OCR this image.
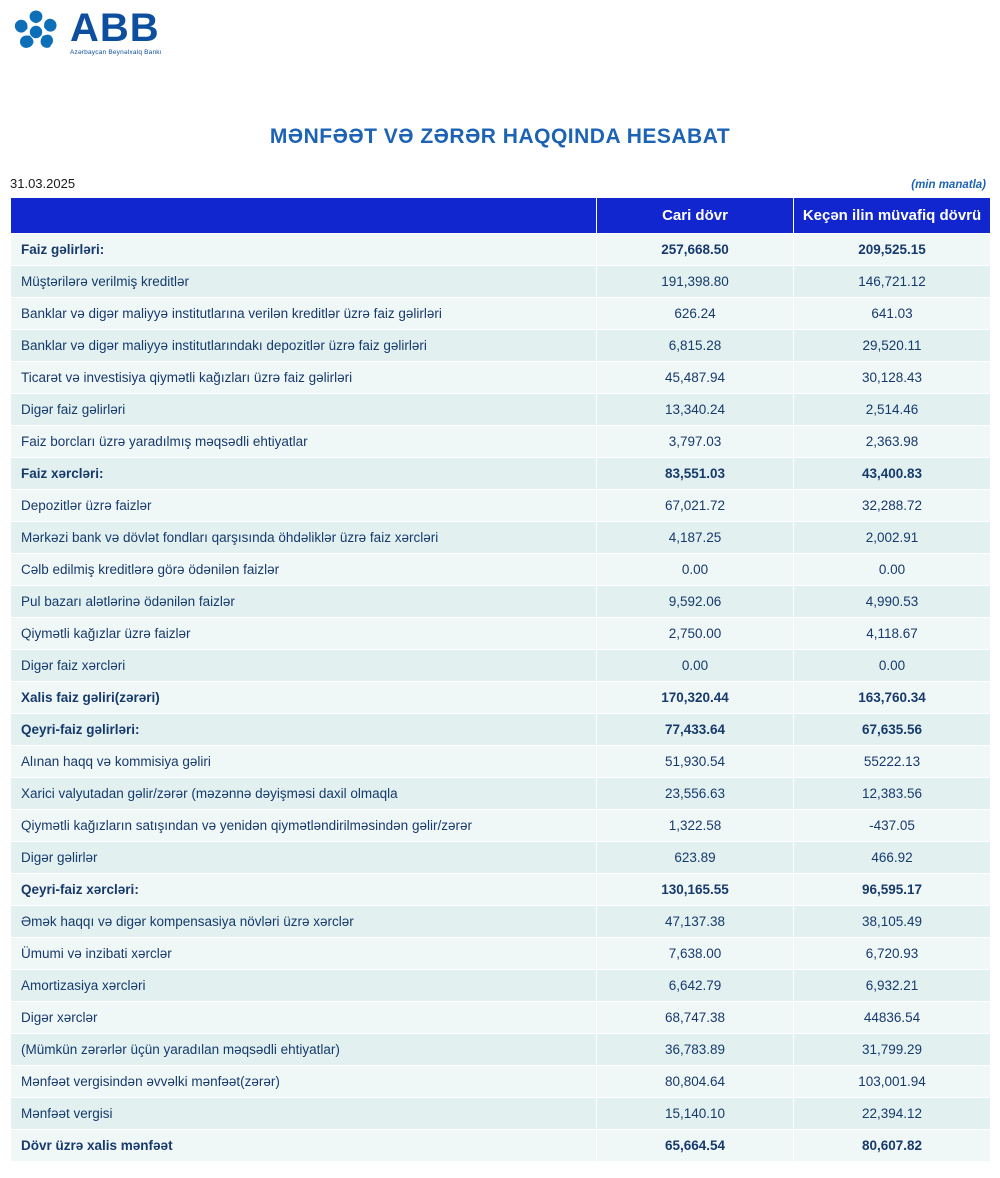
ABB
Azərbaycan Beynəlxalq Bankı
MƏNFƏƏT VƏ ZƏRƏR HAQQINDA HESABAT
31.03.2025	(min manatla)
	Cari dövr	Keçən ilin müvafiq dövrü
Faiz gəlirləri:	257,668.50	209,525.15
Müştərilərə verilmiş kreditlər	191,398.80	146,721.12
Banklar və digər maliyyə institutlarına verilən kreditlər üzrə faiz gəlirləri	626.24	641.03
Banklar və digər maliyyə institutlarındakı depozitlər üzrə faiz gəlirləri	6,815.28	29,520.11
Ticarət və investisiya qiymətli kağızları üzrə faiz gəlirləri	45,487.94	30,128.43
Digər faiz gəlirləri	13,340.24	2,514.46
Faiz borcları üzrə yaradılmış məqsədli ehtiyatlar	3,797.03	2,363.98
Faiz xərcləri:	83,551.03	43,400.83
Depozitlər üzrə faizlər	67,021.72	32,288.72
Mərkəzi bank və dövlət fondları qarşısında öhdəliklər üzrə faiz xərcləri	4,187.25	2,002.91
Cəlb edilmiş kreditlərə görə ödənilən faizlər	0.00	0.00
Pul bazarı alətlərinə ödənilən faizlər	9,592.06	4,990.53
Qiymətli kağızlar üzrə faizlər	2,750.00	4,118.67
Digər faiz xərcləri	0.00	0.00
Xalis faiz gəliri(zərəri)	170,320.44	163,760.34
Qeyri-faiz gəlirləri:	77,433.64	67,635.56
Alınan haqq və kommisiya gəliri	51,930.54	55222.13
Xarici valyutadan gəlir/zərər (məzənnə dəyişməsi daxil olmaqla	23,556.63	12,383.56
Qiymətli kağızların satışından və yenidən qiymətləndirilməsindən gəlir/zərər	1,322.58	-437.05
Digər gəlirlər	623.89	466.92
Qeyri-faiz xərcləri:	130,165.55	96,595.17
Əmək haqqı və digər kompensasiya növləri üzrə xərclər	47,137.38	38,105.49
Ümumi və inzibati xərclər	7,638.00	6,720.93
Amortizasiya xərcləri	6,642.79	6,932.21
Digər xərclər	68,747.38	44836.54
(Mümkün zərərlər üçün yaradılan məqsədli ehtiyatlar)	36,783.89	31,799.29
Mənfəət vergisindən əvvəlki mənfəət(zərər)	80,804.64	103,001.94
Mənfəət vergisi	15,140.10	22,394.12
Dövr üzrə xalis mənfəət	65,664.54	80,607.82
